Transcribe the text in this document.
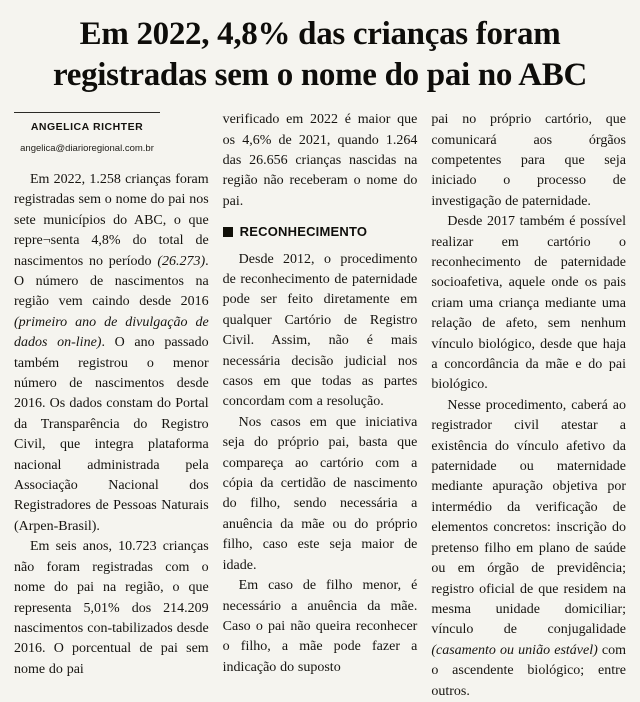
Em 2022, 4,8% das crianças foram registradas sem o nome do pai no ABC
ANGELICA RICHTER
angelica@diarioregional.com.br

Em 2022, 1.258 crianças foram registradas sem o nome do pai nos sete municípios do ABC, o que repre¬senta 4,8% do total de nascimentos no período (26.273). O número de nascimentos na região vem caindo desde 2016 (primeiro ano de divulgação de dados on-line). O ano passado também registrou o menor número de nascimentos desde 2016. Os dados constam do Portal da Transparência do Registro Civil, que integra plataforma nacional administrada pela Associação Nacional dos Registradores de Pessoas Naturais (Arpen-Brasil).

Em seis anos, 10.723 crianças não foram registradas com o nome do pai na região, o que representa 5,01% dos 214.209 nascimentos con-tabilizados desde 2016. O porcentual de pai sem nome do pai

verificado em 2022 é maior que os 4,6% de 2021, quando 1.264 das 26.656 crianças nascidas na região não receberam o nome do pai.

RECONHECIMENTO

Desde 2012, o procedimento de reconhecimento de paternidade pode ser feito diretamente em qualquer Cartório de Registro Civil. Assim, não é mais necessária decisão judicial nos casos em que todas as partes concordam com a resolução.

Nos casos em que iniciativa seja do próprio pai, basta que compareça ao cartório com a cópia da certidão de nascimento do filho, sendo necessária a anuência da mãe ou do próprio filho, caso este seja maior de idade.

Em caso de filho menor, é necessário a anuência da mãe. Caso o pai não queira reconhecer o filho, a mãe pode fazer a indicação do suposto

pai no próprio cartório, que comunicará aos órgãos competentes para que seja iniciado o processo de investigação de paternidade.

Desde 2017 também é possível realizar em cartório o reconhecimento de paternidade socioafetiva, aquele onde os pais criam uma criança mediante uma relação de afeto, sem nenhum vínculo biológico, desde que haja a concordância da mãe e do pai biológico.

Nesse procedimento, caberá ao registrador civil atestar a existência do vínculo afetivo da paternidade ou maternidade mediante apuração objetiva por intermédio da verificação de elementos concretos: inscrição do pretenso filho em plano de saúde ou em órgão de previdência; registro oficial de que residem na mesma unidade domiciliar; vínculo de conjugalidade (casamento ou união estável) com o ascendente biológico; entre outros.
